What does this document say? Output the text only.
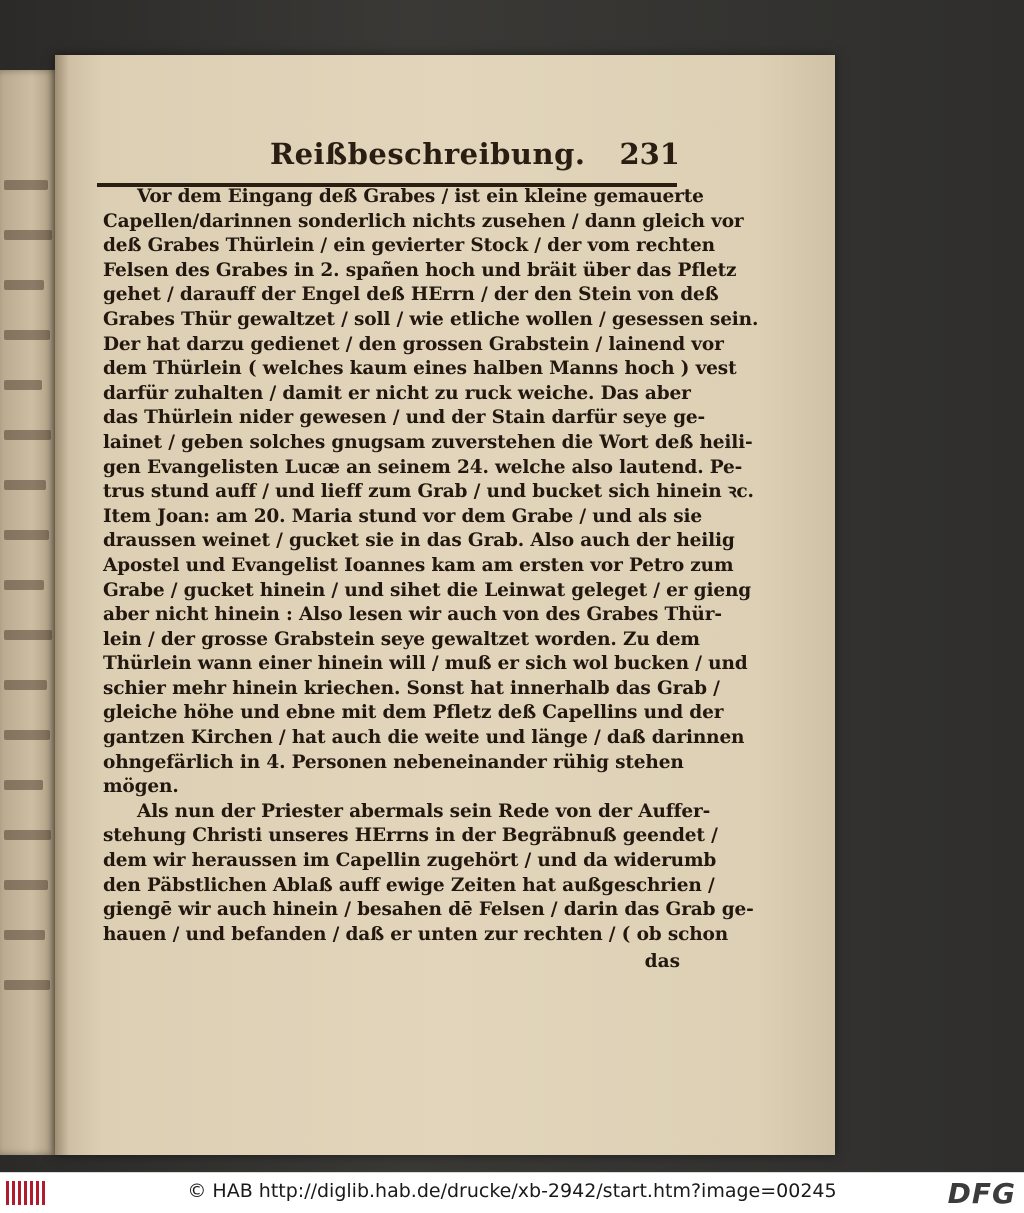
Reißbeschreibung. 231
Vor dem Eingang deß Grabes / ist ein kleine gemauerte
Capellen/darinnen sonderlich nichts zusehen / dann gleich vor
deß Grabes Thürlein / ein gevierter Stock / der vom rechten
Felsen des Grabes in 2. spañen hoch und bräit über das Pfletz
gehet / darauff der Engel deß HErrn / der den Stein von deß
Grabes Thür gewaltzet / soll / wie etliche wollen / gesessen sein.
Der hat darzu gedienet / den grossen Grabstein / lainend vor
dem Thürlein ( welches kaum eines halben Manns hoch ) vest
darfür zuhalten / damit er nicht zu ruck weiche. Das aber
das Thürlein nider gewesen / und der Stain darfür seye ge-
lainet / geben solches gnugsam zuverstehen die Wort deß heili-
gen Evangelisten Lucæ an seinem 24. welche also lautend. Pe-
trus stund auff / und lieff zum Grab / und bucket sich hinein ꝛc.
Item Joan: am 20. Maria stund vor dem Grabe / und als sie
draussen weinet / gucket sie in das Grab. Also auch der heilig
Apostel und Evangelist Ioannes kam am ersten vor Petro zum
Grabe / gucket hinein / und sihet die Leinwat geleget / er gieng
aber nicht hinein : Also lesen wir auch von des Grabes Thür-
lein / der grosse Grabstein seye gewaltzet worden. Zu dem
Thürlein wann einer hinein will / muß er sich wol bucken / und
schier mehr hinein kriechen. Sonst hat innerhalb das Grab /
gleiche höhe und ebne mit dem Pfletz deß Capellins und der
gantzen Kirchen / hat auch die weite und länge / daß darinnen
ohngefärlich in 4. Personen nebeneinander rühig stehen
mögen.
Als nun der Priester abermals sein Rede von der Auffer-
stehung Christi unseres HErrns in der Begräbnuß geendet /
dem wir heraussen im Capellin zugehört / und da widerumb
den Päbstlichen Ablaß auff ewige Zeiten hat außgeschrien /
giengē wir auch hinein / besahen dē Felsen / darin das Grab ge-
hauen / und befanden / daß er unten zur rechten / ( ob schon
das
© HAB http://diglib.hab.de/drucke/xb-2942/start.htm?image=00245	DFG
